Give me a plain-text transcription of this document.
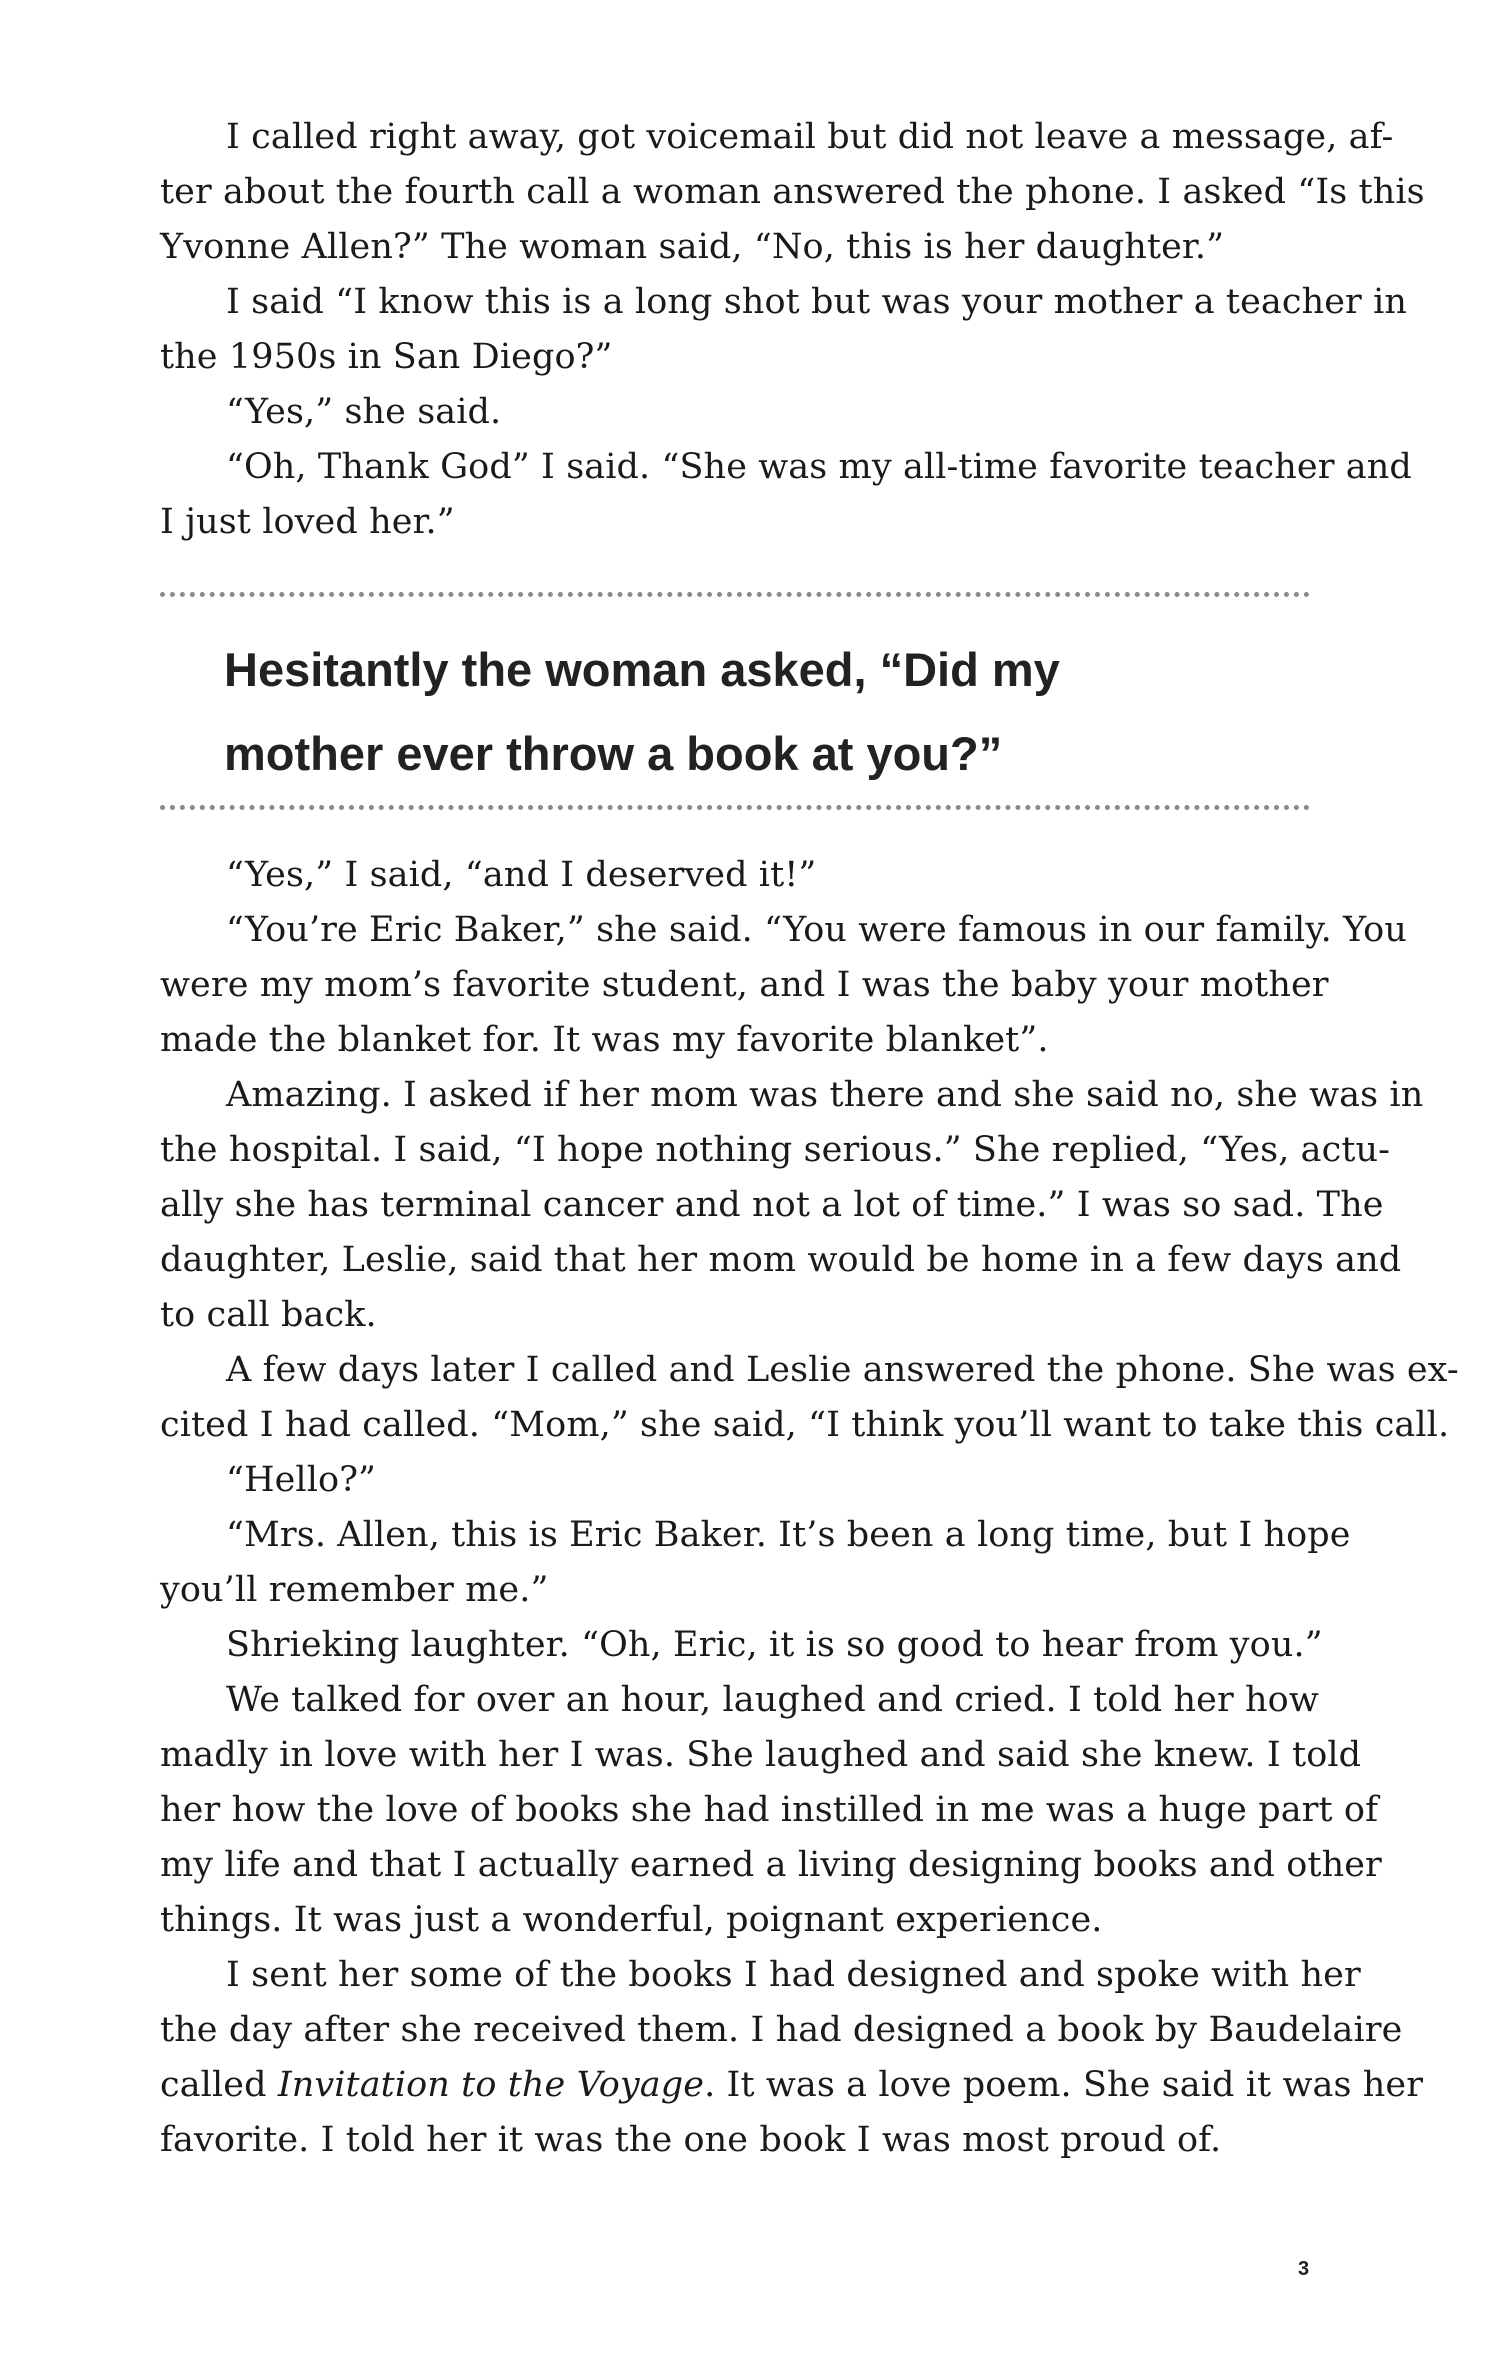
I called right away, got voicemail but did not leave a message, af-
ter about the fourth call a woman answered the phone. I asked “Is this
Yvonne Allen?” The woman said, “No, this is her daughter.”

I said “I know this is a long shot but was your mother a teacher in
the 1950s in San Diego?”

“Yes,” she said.

“Oh, Thank God” I said. “She was my all-time favorite teacher and
I just loved her.”

Hesitantly the woman asked, “Did my
mother ever throw a book at you?”

“Yes,” I said, “and I deserved it!”

“You’re Eric Baker,” she said. “You were famous in our family. You
were my mom’s favorite student, and I was the baby your mother
made the blanket for. It was my favorite blanket”.

Amazing. I asked if her mom was there and she said no, she was in
the hospital. I said, “I hope nothing serious.” She replied, “Yes, actu-
ally she has terminal cancer and not a lot of time.” I was so sad. The
daughter, Leslie, said that her mom would be home in a few days and
to call back.

A few days later I called and Leslie answered the phone. She was ex-
cited I had called. “Mom,” she said, “I think you’ll want to take this call.

“Hello?”

“Mrs. Allen, this is Eric Baker. It’s been a long time, but I hope
you’ll remember me.”

Shrieking laughter. “Oh, Eric, it is so good to hear from you.”

We talked for over an hour, laughed and cried. I told her how
madly in love with her I was. She laughed and said she knew. I told
her how the love of books she had instilled in me was a huge part of
my life and that I actually earned a living designing books and other
things. It was just a wonderful, poignant experience.

I sent her some of the books I had designed and spoke with her
the day after she received them. I had designed a book by Baudelaire
called Invitation to the Voyage. It was a love poem. She said it was her
favorite. I told her it was the one book I was most proud of.

3
